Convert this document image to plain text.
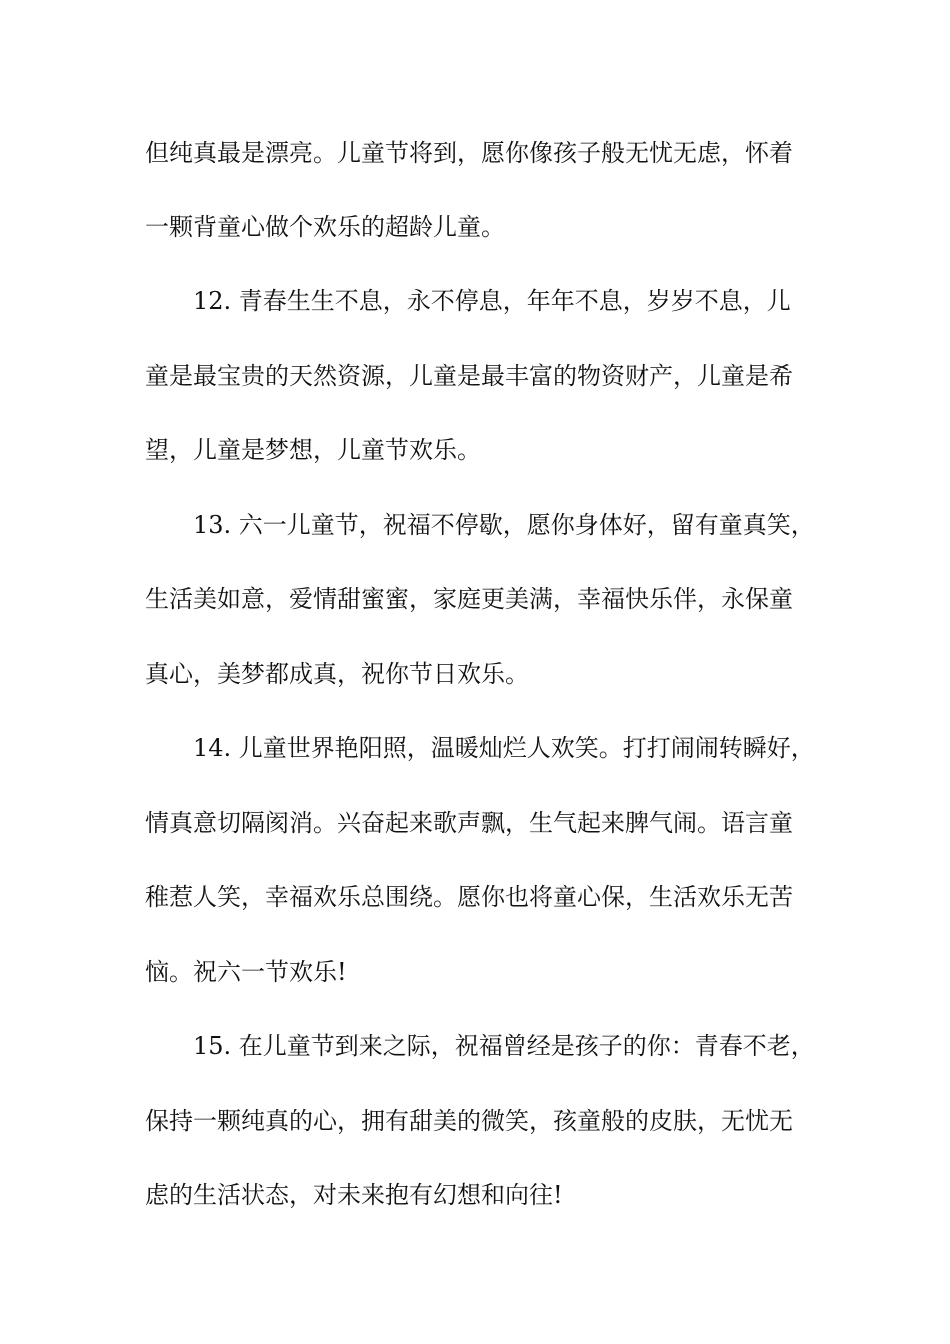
但纯真最是漂亮。儿童节将到，愿你像孩子般无忧无虑，怀着
一颗背童心做个欢乐的超龄儿童。
12. 青春生生不息，永不停息，年年不息，岁岁不息，儿
童是最宝贵的天然资源，儿童是最丰富的物资财产，儿童是希
望，儿童是梦想，儿童节欢乐。
13. 六一儿童节，祝福不停歇，愿你身体好，留有童真笑，
生活美如意，爱情甜蜜蜜，家庭更美满，幸福快乐伴，永保童
真心，美梦都成真，祝你节日欢乐。
14. 儿童世界艳阳照，温暖灿烂人欢笑。打打闹闹转瞬好，
情真意切隔阂消。兴奋起来歌声飘，生气起来脾气闹。语言童
稚惹人笑，幸福欢乐总围绕。愿你也将童心保，生活欢乐无苦
恼。祝六一节欢乐!
15. 在儿童节到来之际，祝福曾经是孩子的你：青春不老，
保持一颗纯真的心，拥有甜美的微笑，孩童般的皮肤，无忧无
虑的生活状态，对未来抱有幻想和向往!
